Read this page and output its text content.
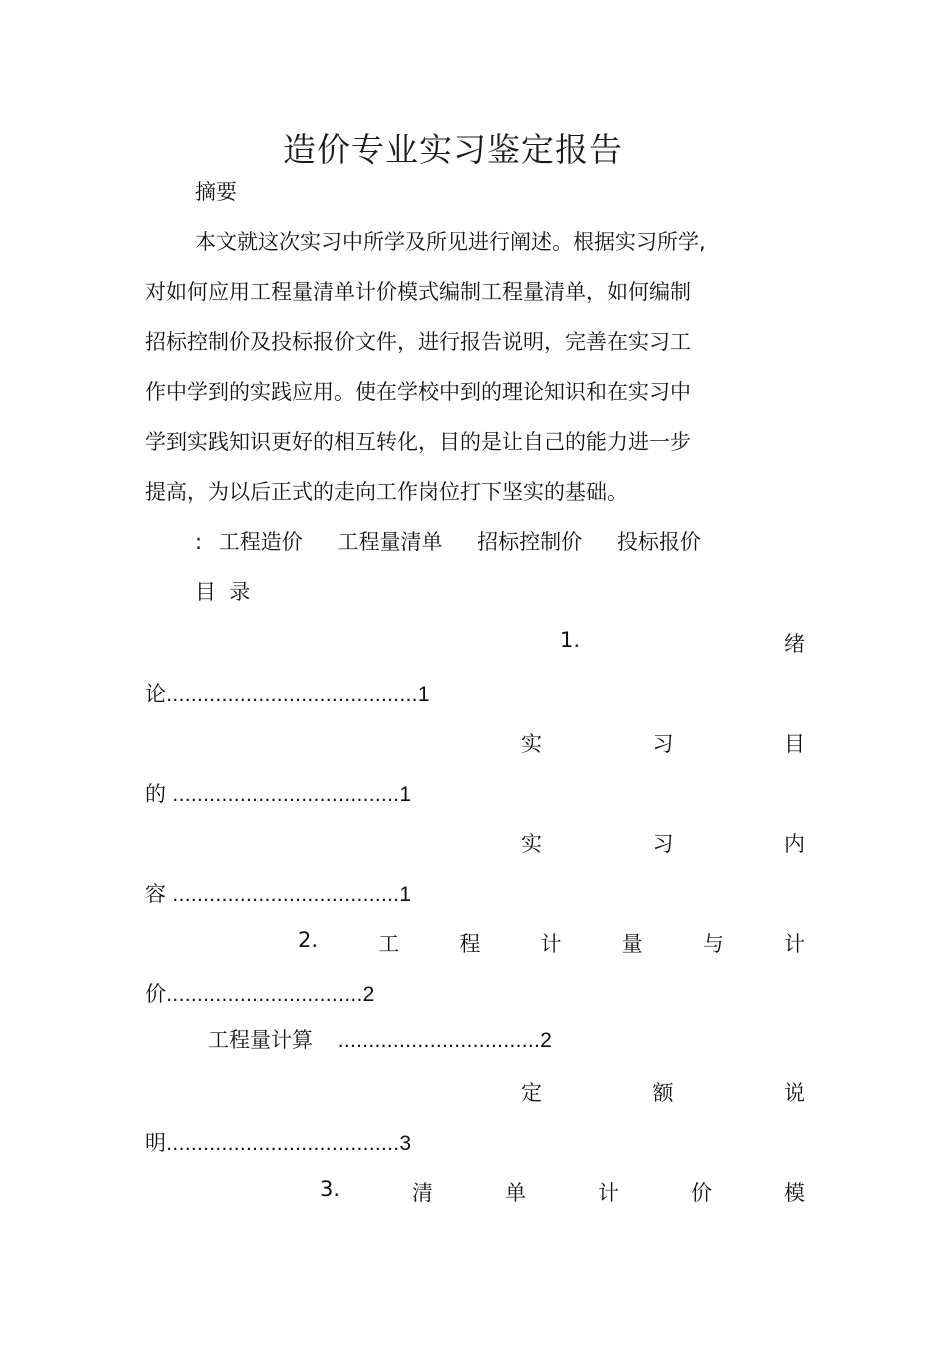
造价专业实习鉴定报告
摘要
本文就这次实习中所学及所见进行阐述。根据实习所学,
对如何应用工程量清单计价模式编制工程量清单，如何编制
招标控制价及投标报价文件，进行报告说明，完善在实习工
作中学到的实践应用。使在学校中到的理论知识和在实习中
学到实践知识更好的相互转化，目的是让自己的能力进一步
提高，为以后正式的走向工作岗位打下坚实的基础。
: 工程造价 工程量清单 招标控制价 投标报价
目  录
1.	绪
论.........................................1
实	习	目
的 .....................................1
实	习	内
容 .....................................1
2.	工	程	计	量	与	计
价................................2
工程量计算 .................................2
定	额	说
明......................................3
3.	清	单	计	价	模
